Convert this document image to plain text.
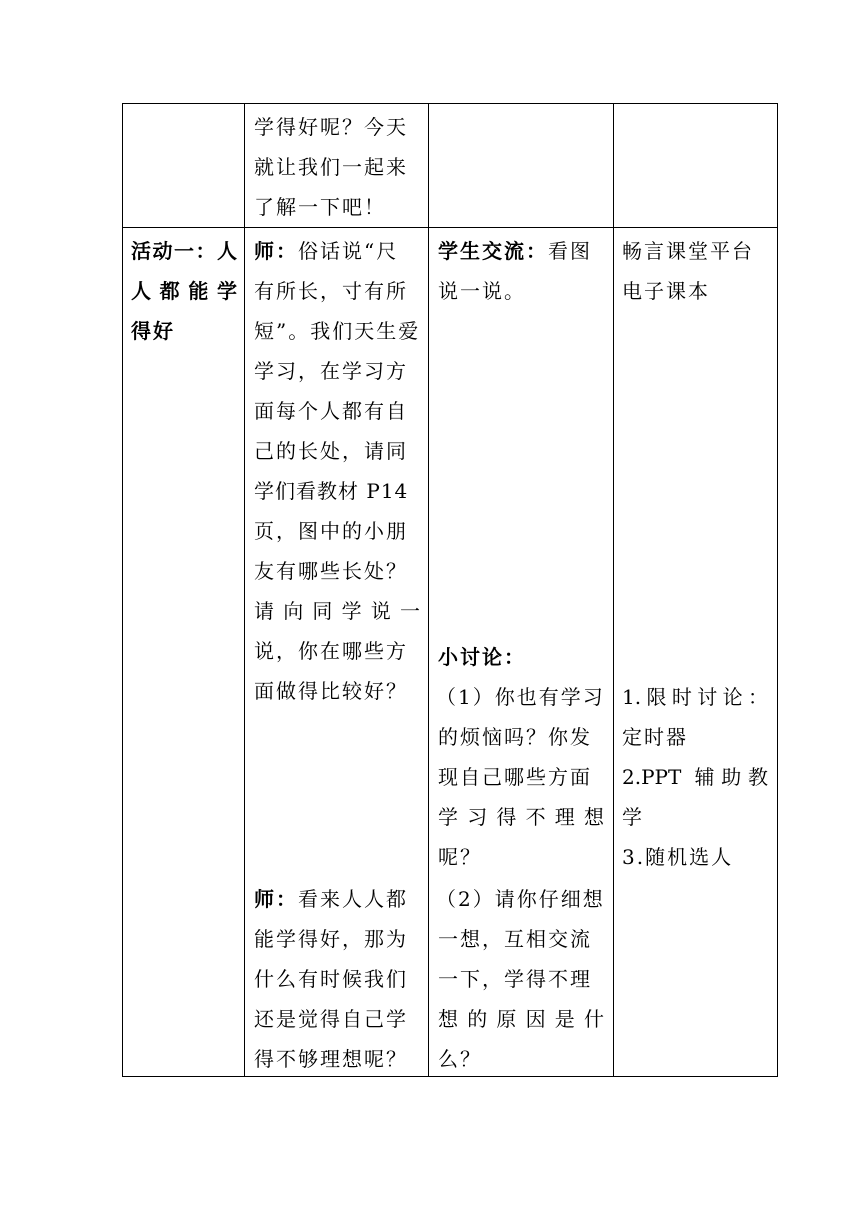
学得好呢？今天
就让我们一起来
了解一下吧！
活动一：人
人都能学
得好
师：俗话说“尺
有所长，寸有所
短”。我们天生爱
学习，在学习方
面每个人都有自
己的长处，请同
学们看教材 P14
页，图中的小朋
友有哪些长处？
请向同学说一
说，你在哪些方
面做得比较好？
师：看来人人都
能学得好，那为
什么有时候我们
还是觉得自己学
得不够理想呢？
学生交流：看图
说一说。
小讨论：
（1）你也有学习
的烦恼吗？你发
现自己哪些方面
学习得不理想
呢？
（2）请你仔细想
一想，互相交流
一下，学得不理
想的原因是什
么？
畅言课堂平台
电子课本
1.限时讨论：
定时器
2.PPT 辅助教
学
3.随机选人
